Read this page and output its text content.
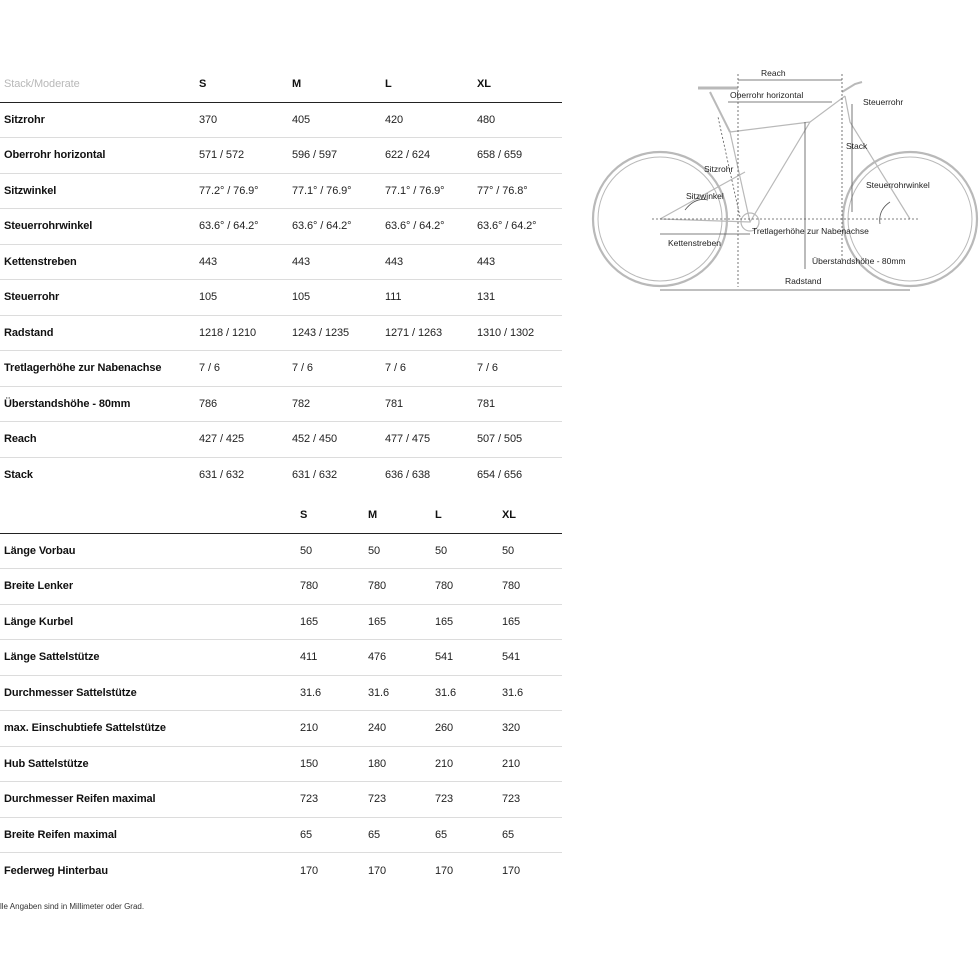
Stack/Moderate	S	M	L	XL
Sitzrohr	370	405	420	480
Oberrohr horizontal	571 / 572	596 / 597	622 / 624	658 / 659
Sitzwinkel	77.2° / 76.9°	77.1° / 76.9°	77.1° / 76.9°	77° / 76.8°
Steuerrohrwinkel	63.6° / 64.2°	63.6° / 64.2°	63.6° / 64.2°	63.6° / 64.2°
Kettenstreben	443	443	443	443
Steuerrohr	105	105	111	131
Radstand	1218 / 1210	1243 / 1235	1271 / 1263	1310 / 1302
Tretlagerhöhe zur Nabenachse	7 / 6	7 / 6	7 / 6	7 / 6
Überstandshöhe - 80mm	786	782	781	781
Reach	427 / 425	452 / 450	477 / 475	507 / 505
Stack	631 / 632	631 / 632	636 / 638	654 / 656
S	M	L	XL
Länge Vorbau	50	50	50	50
Breite Lenker	780	780	780	780
Länge Kurbel	165	165	165	165
Länge Sattelstütze	411	476	541	541
Durchmesser Sattelstütze	31.6	31.6	31.6	31.6
max. Einschubtiefe Sattelstütze	210	240	260	320
Hub Sattelstütze	150	180	210	210
Durchmesser Reifen maximal	723	723	723	723
Breite Reifen maximal	65	65	65	65
Federweg Hinterbau	170	170	170	170
lle Angaben sind in Millimeter oder Grad.
Reach
Oberrohr horizontal
Steuerrohr
Stack
Sitzrohr
Sitzwinkel
Steuerrohrwinkel
Tretlagerhöhe zur Nabenachse
Kettenstreben
Überstandshöhe - 80mm
Radstand
